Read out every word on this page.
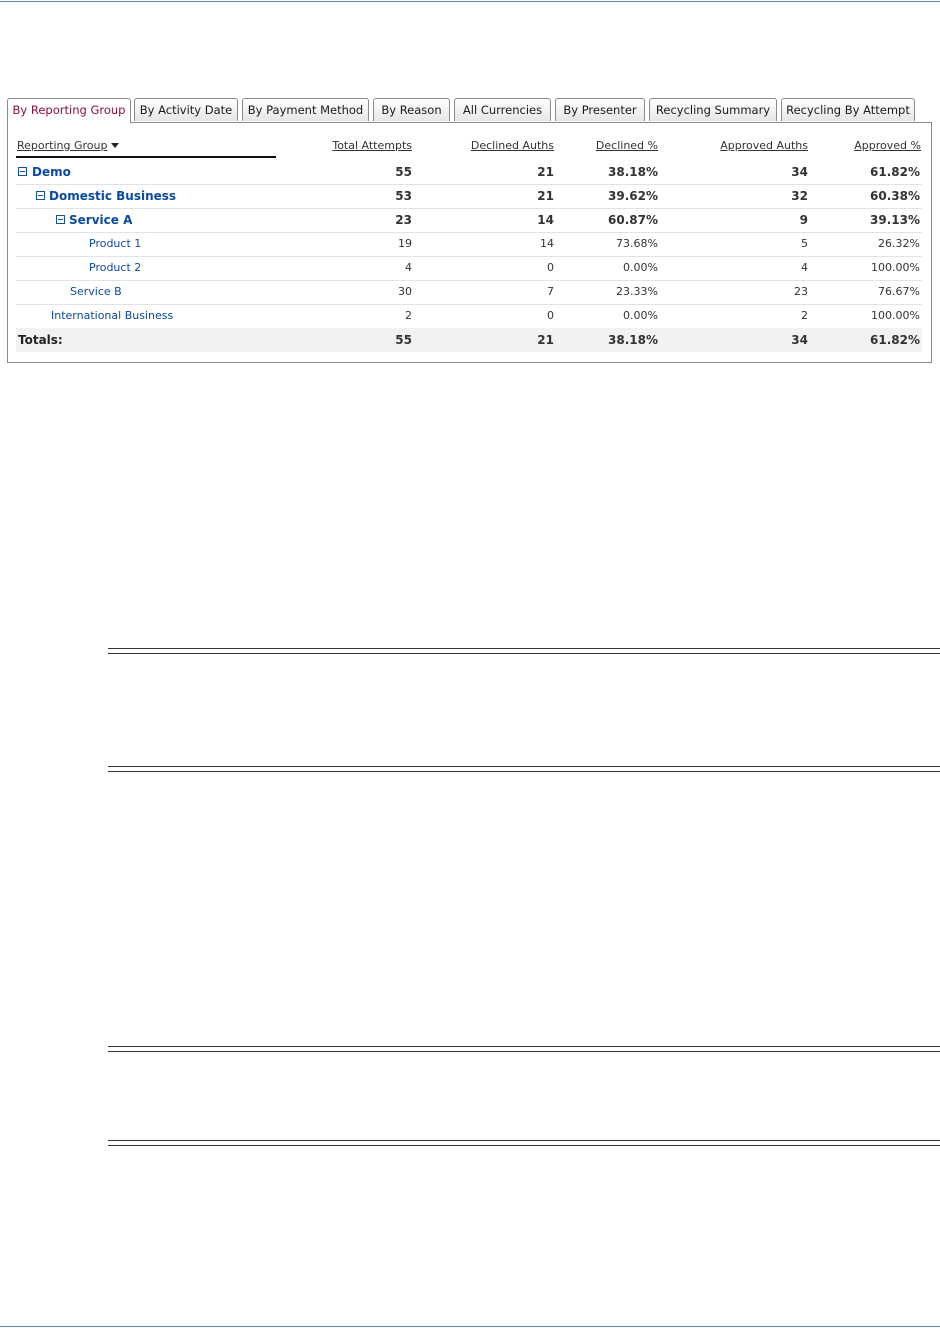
By Reporting Group	By Activity Date	By Payment Method	By Reason	All Currencies	By Presenter	Recycling Summary	Recycling By Attempt
Reporting Group	Total Attempts	Declined Auths	Declined %	Approved Auths	Approved %
Demo	55	21	38.18%	34	61.82%
Domestic Business	53	21	39.62%	32	60.38%
Service A	23	14	60.87%	9	39.13%
Product 1	19	14	73.68%	5	26.32%
Product 2	4	0	0.00%	4	100.00%
Service B	30	7	23.33%	23	76.67%
International Business	2	0	0.00%	2	100.00%
Totals:	55	21	38.18%	34	61.82%
